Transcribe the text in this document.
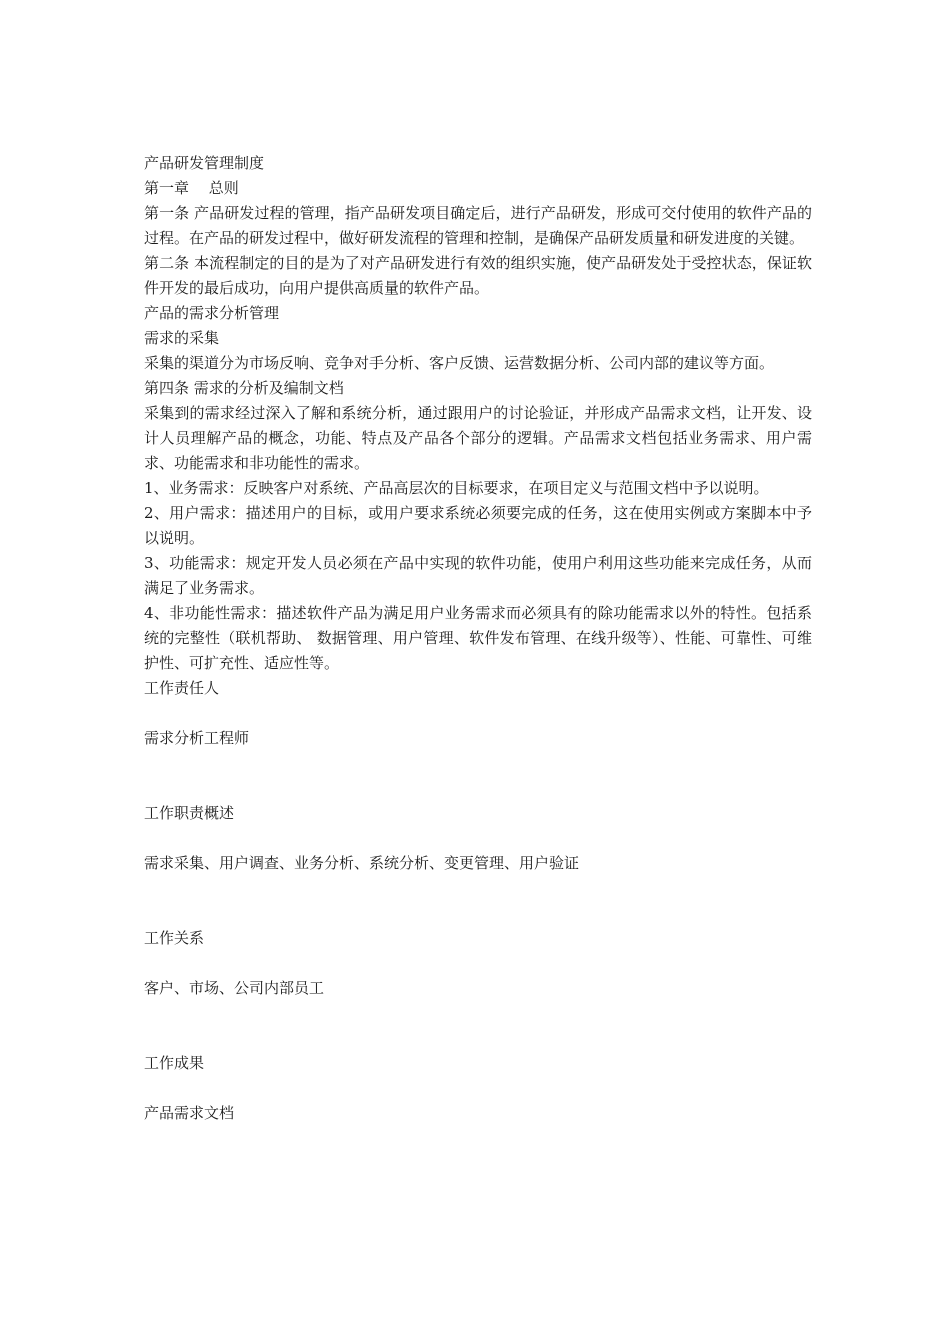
产品研发管理制度

第一章　 总则

第一条 产品研发过程的管理，指产品研发项目确定后，进行产品研发，形成可交付使用的软件产品的过程。在产品的研发过程中，做好研发流程的管理和控制，是确保产品研发质量和研发进度的关键。

第二条 本流程制定的目的是为了对产品研发进行有效的组织实施，使产品研发处于受控状态，保证软件开发的最后成功，向用户提供高质量的软件产品。

产品的需求分析管理

需求的采集

采集的渠道分为市场反响、竞争对手分析、客户反馈、运营数据分析、公司内部的建议等方面。

第四条 需求的分析及编制文档

采集到的需求经过深入了解和系统分析，通过跟用户的讨论验证，并形成产品需求文档，让开发、设计人员理解产品的概念，功能、特点及产品各个部分的逻辑。产品需求文档包括业务需求、用户需求、功能需求和非功能性的需求。

1、业务需求：反映客户对系统、产品高层次的目标要求，在项目定义与范围文档中予以说明。

2、用户需求：描述用户的目标，或用户要求系统必须要完成的任务，这在使用实例或方案脚本中予以说明。

3、功能需求：规定开发人员必须在产品中实现的软件功能，使用户利用这些功能来完成任务，从而满足了业务需求。

4、非功能性需求：描述软件产品为满足用户业务需求而必须具有的除功能需求以外的特性。包括系统的完整性（联机帮助、 数据管理、用户管理、软件发布管理、在线升级等）、性能、可靠性、可维护性、可扩充性、适应性等。

工作责任人

需求分析工程师

工作职责概述

需求采集、用户调查、业务分析、系统分析、变更管理、用户验证

工作关系

客户、市场、公司内部员工

工作成果

产品需求文档
